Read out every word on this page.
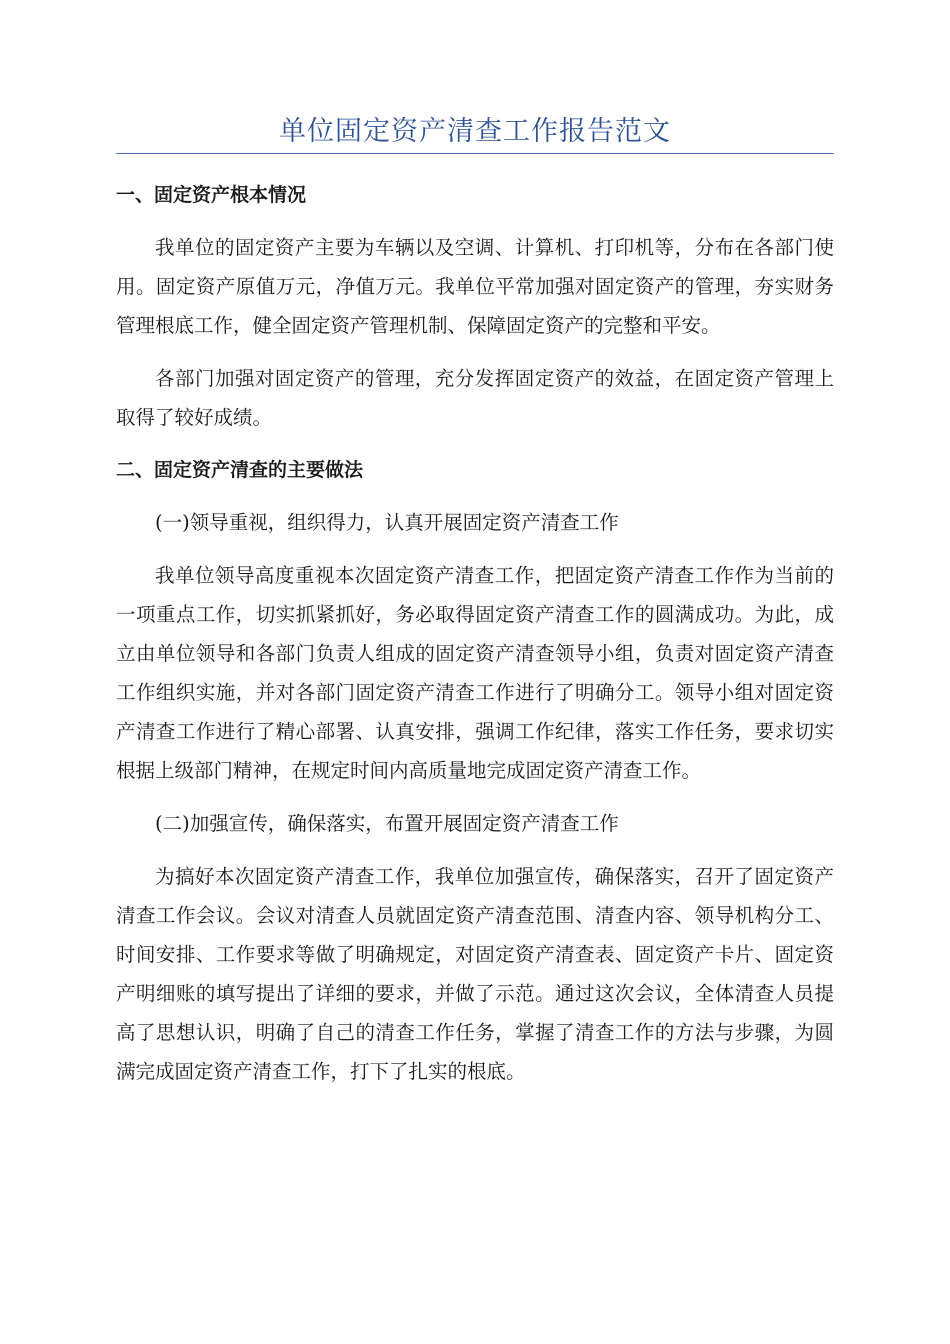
单位固定资产清查工作报告范文
一、固定资产根本情况

我单位的固定资产主要为车辆以及空调、计算机、打印机等，分布在各部门使用。固定资产原值万元，净值万元。我单位平常加强对固定资产的管理，夯实财务管理根底工作，健全固定资产管理机制、保障固定资产的完整和平安。

各部门加强对固定资产的管理，充分发挥固定资产的效益，在固定资产管理上取得了较好成绩。

二、固定资产清查的主要做法

(一)领导重视，组织得力，认真开展固定资产清查工作

我单位领导高度重视本次固定资产清查工作，把固定资产清查工作作为当前的一项重点工作，切实抓紧抓好，务必取得固定资产清查工作的圆满成功。为此，成立由单位领导和各部门负责人组成的固定资产清查领导小组，负责对固定资产清查工作组织实施，并对各部门固定资产清查工作进行了明确分工。领导小组对固定资产清查工作进行了精心部署、认真安排，强调工作纪律，落实工作任务，要求切实根据上级部门精神，在规定时间内高质量地完成固定资产清查工作。

(二)加强宣传，确保落实，布置开展固定资产清查工作

为搞好本次固定资产清查工作，我单位加强宣传，确保落实，召开了固定资产清查工作会议。会议对清查人员就固定资产清查范围、清查内容、领导机构分工、时间安排、工作要求等做了明确规定，对固定资产清查表、固定资产卡片、固定资产明细账的填写提出了详细的要求，并做了示范。通过这次会议，全体清查人员提高了思想认识，明确了自己的清查工作任务，掌握了清查工作的方法与步骤，为圆满完成固定资产清查工作，打下了扎实的根底。
